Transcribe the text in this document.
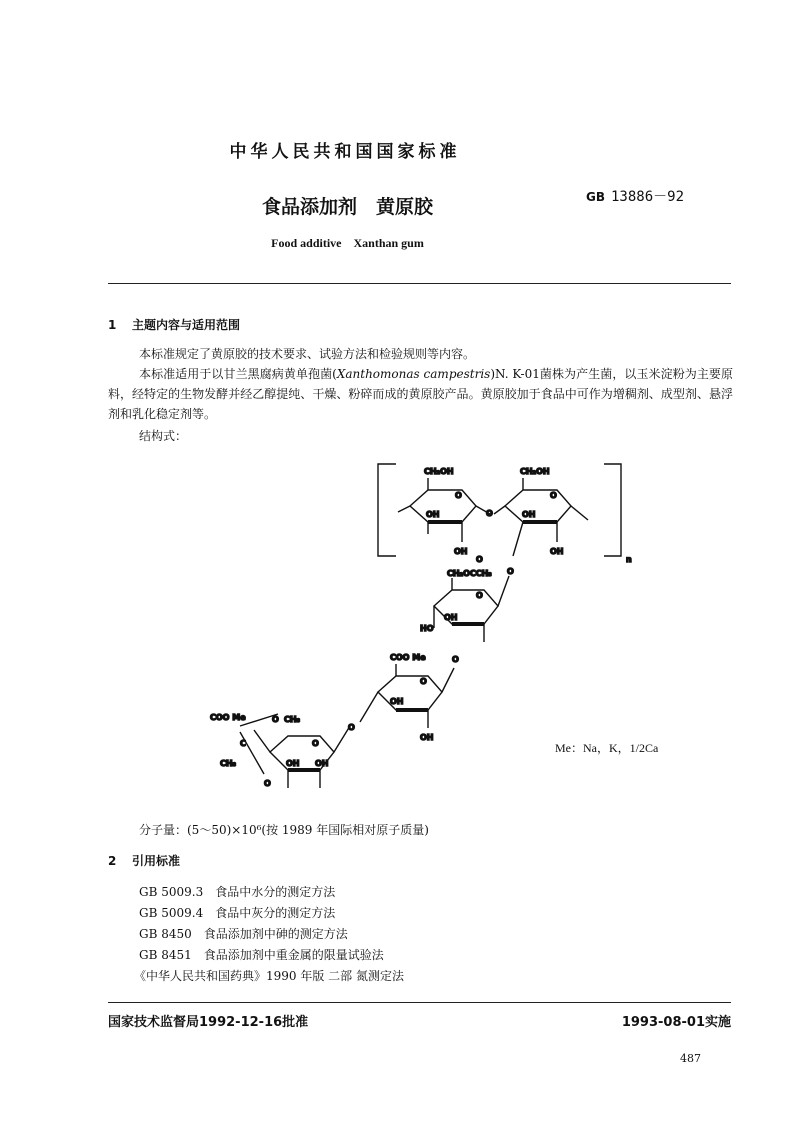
中华人民共和国国家标准
食品添加剂　黄原胶	GB 13886－92
Food additive　Xanthan gum
1 主题内容与适用范围
本标准规定了黄原胶的技术要求、试验方法和检验规则等内容。
本标准适用于以甘兰黑腐病黄单孢菌(Xanthomonas campestris)N. K-01菌株为产生菌，以玉米淀粉为主要原料，经特定的生物发酵并经乙醇提纯、干燥、粉碎而成的黄原胶产品。黄原胶加于食品中可作为增稠剂、成型剂、悬浮剂和乳化稳定剂等。
结构式：
CH₂OH	CH₂OH
O	O
OH	OH
OH	OH
O
n
O
O
CH₂OCCH₃
O
OH
HO
O
COO Me
O
OH
OH
O
COO Me	O CH₃
C	O
CH₃	OH OH
O
Me：Na，K，1/2Ca
分子量：(5～50)×10⁶(按 1989 年国际相对原子质量)
2 引用标准
GB 5009.3　食品中水分的测定方法
GB 5009.4　食品中灰分的测定方法
GB 8450　食品添加剂中砷的测定方法
GB 8451　食品添加剂中重金属的限量试验法
《中华人民共和国药典》1990 年版 二部 氮测定法
国家技术监督局1992-12-16批准	1993-08-01实施
487
